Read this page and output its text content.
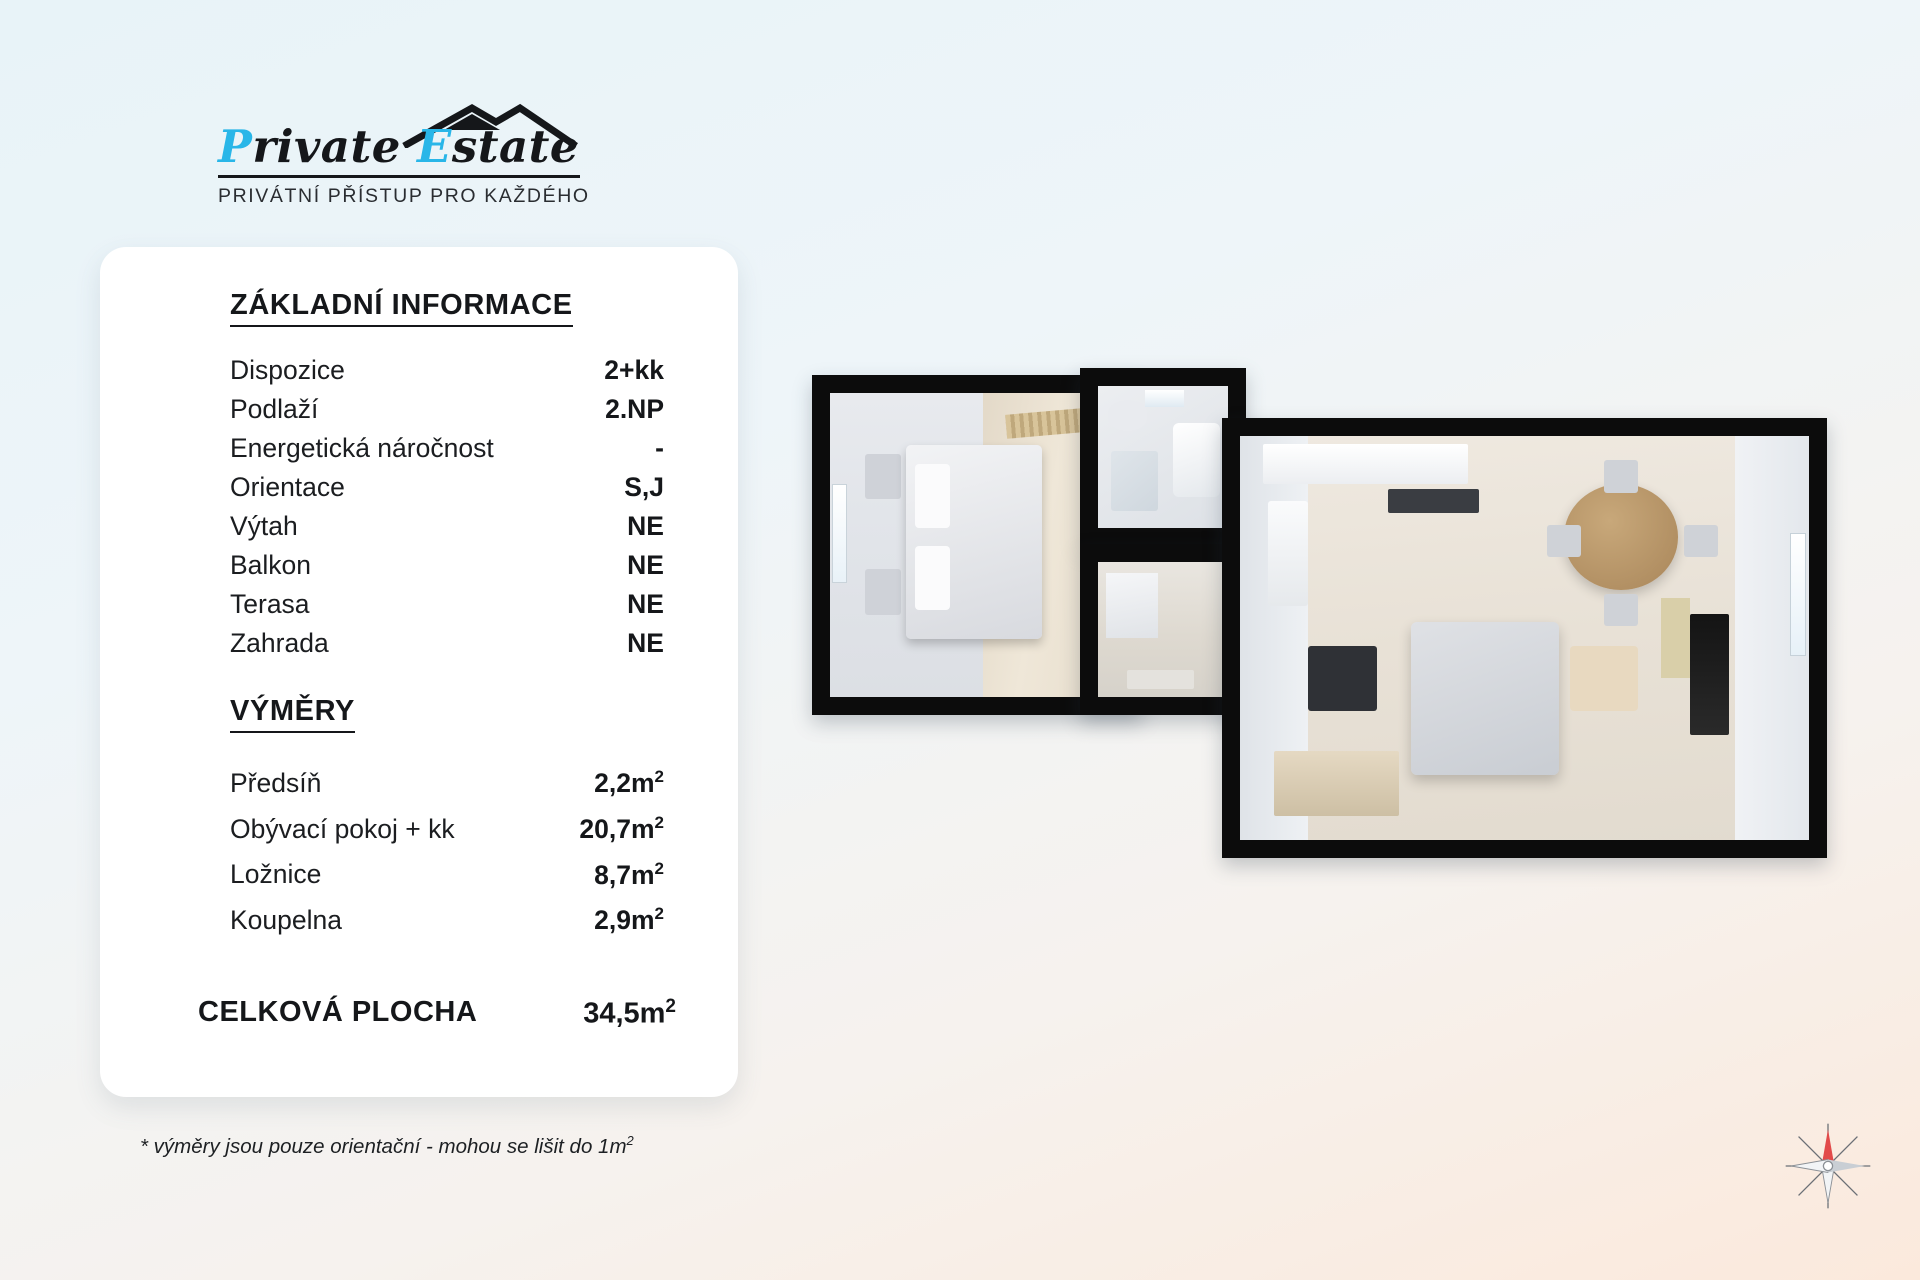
Private Estate
PRIVÁTNÍ PŘÍSTUP PRO KAŽDÉHO
ZÁKLADNÍ INFORMACE
Dispozice	2+kk
Podlaží	2.NP
Energetická náročnost	-
Orientace	S,J
Výtah	NE
Balkon	NE
Terasa	NE
Zahrada	NE
VÝMĚRY
Předsíň	$2,2m^2$
Obývací pokoj + kk	$20,7m^2$
Ložnice	$8,7m^2$
Koupelna	$2,9m^2$
CELKOVÁ PLOCHA	$34,5m^2$
* výměry jsou pouze orientační - mohou se lišit do $1m^2$
